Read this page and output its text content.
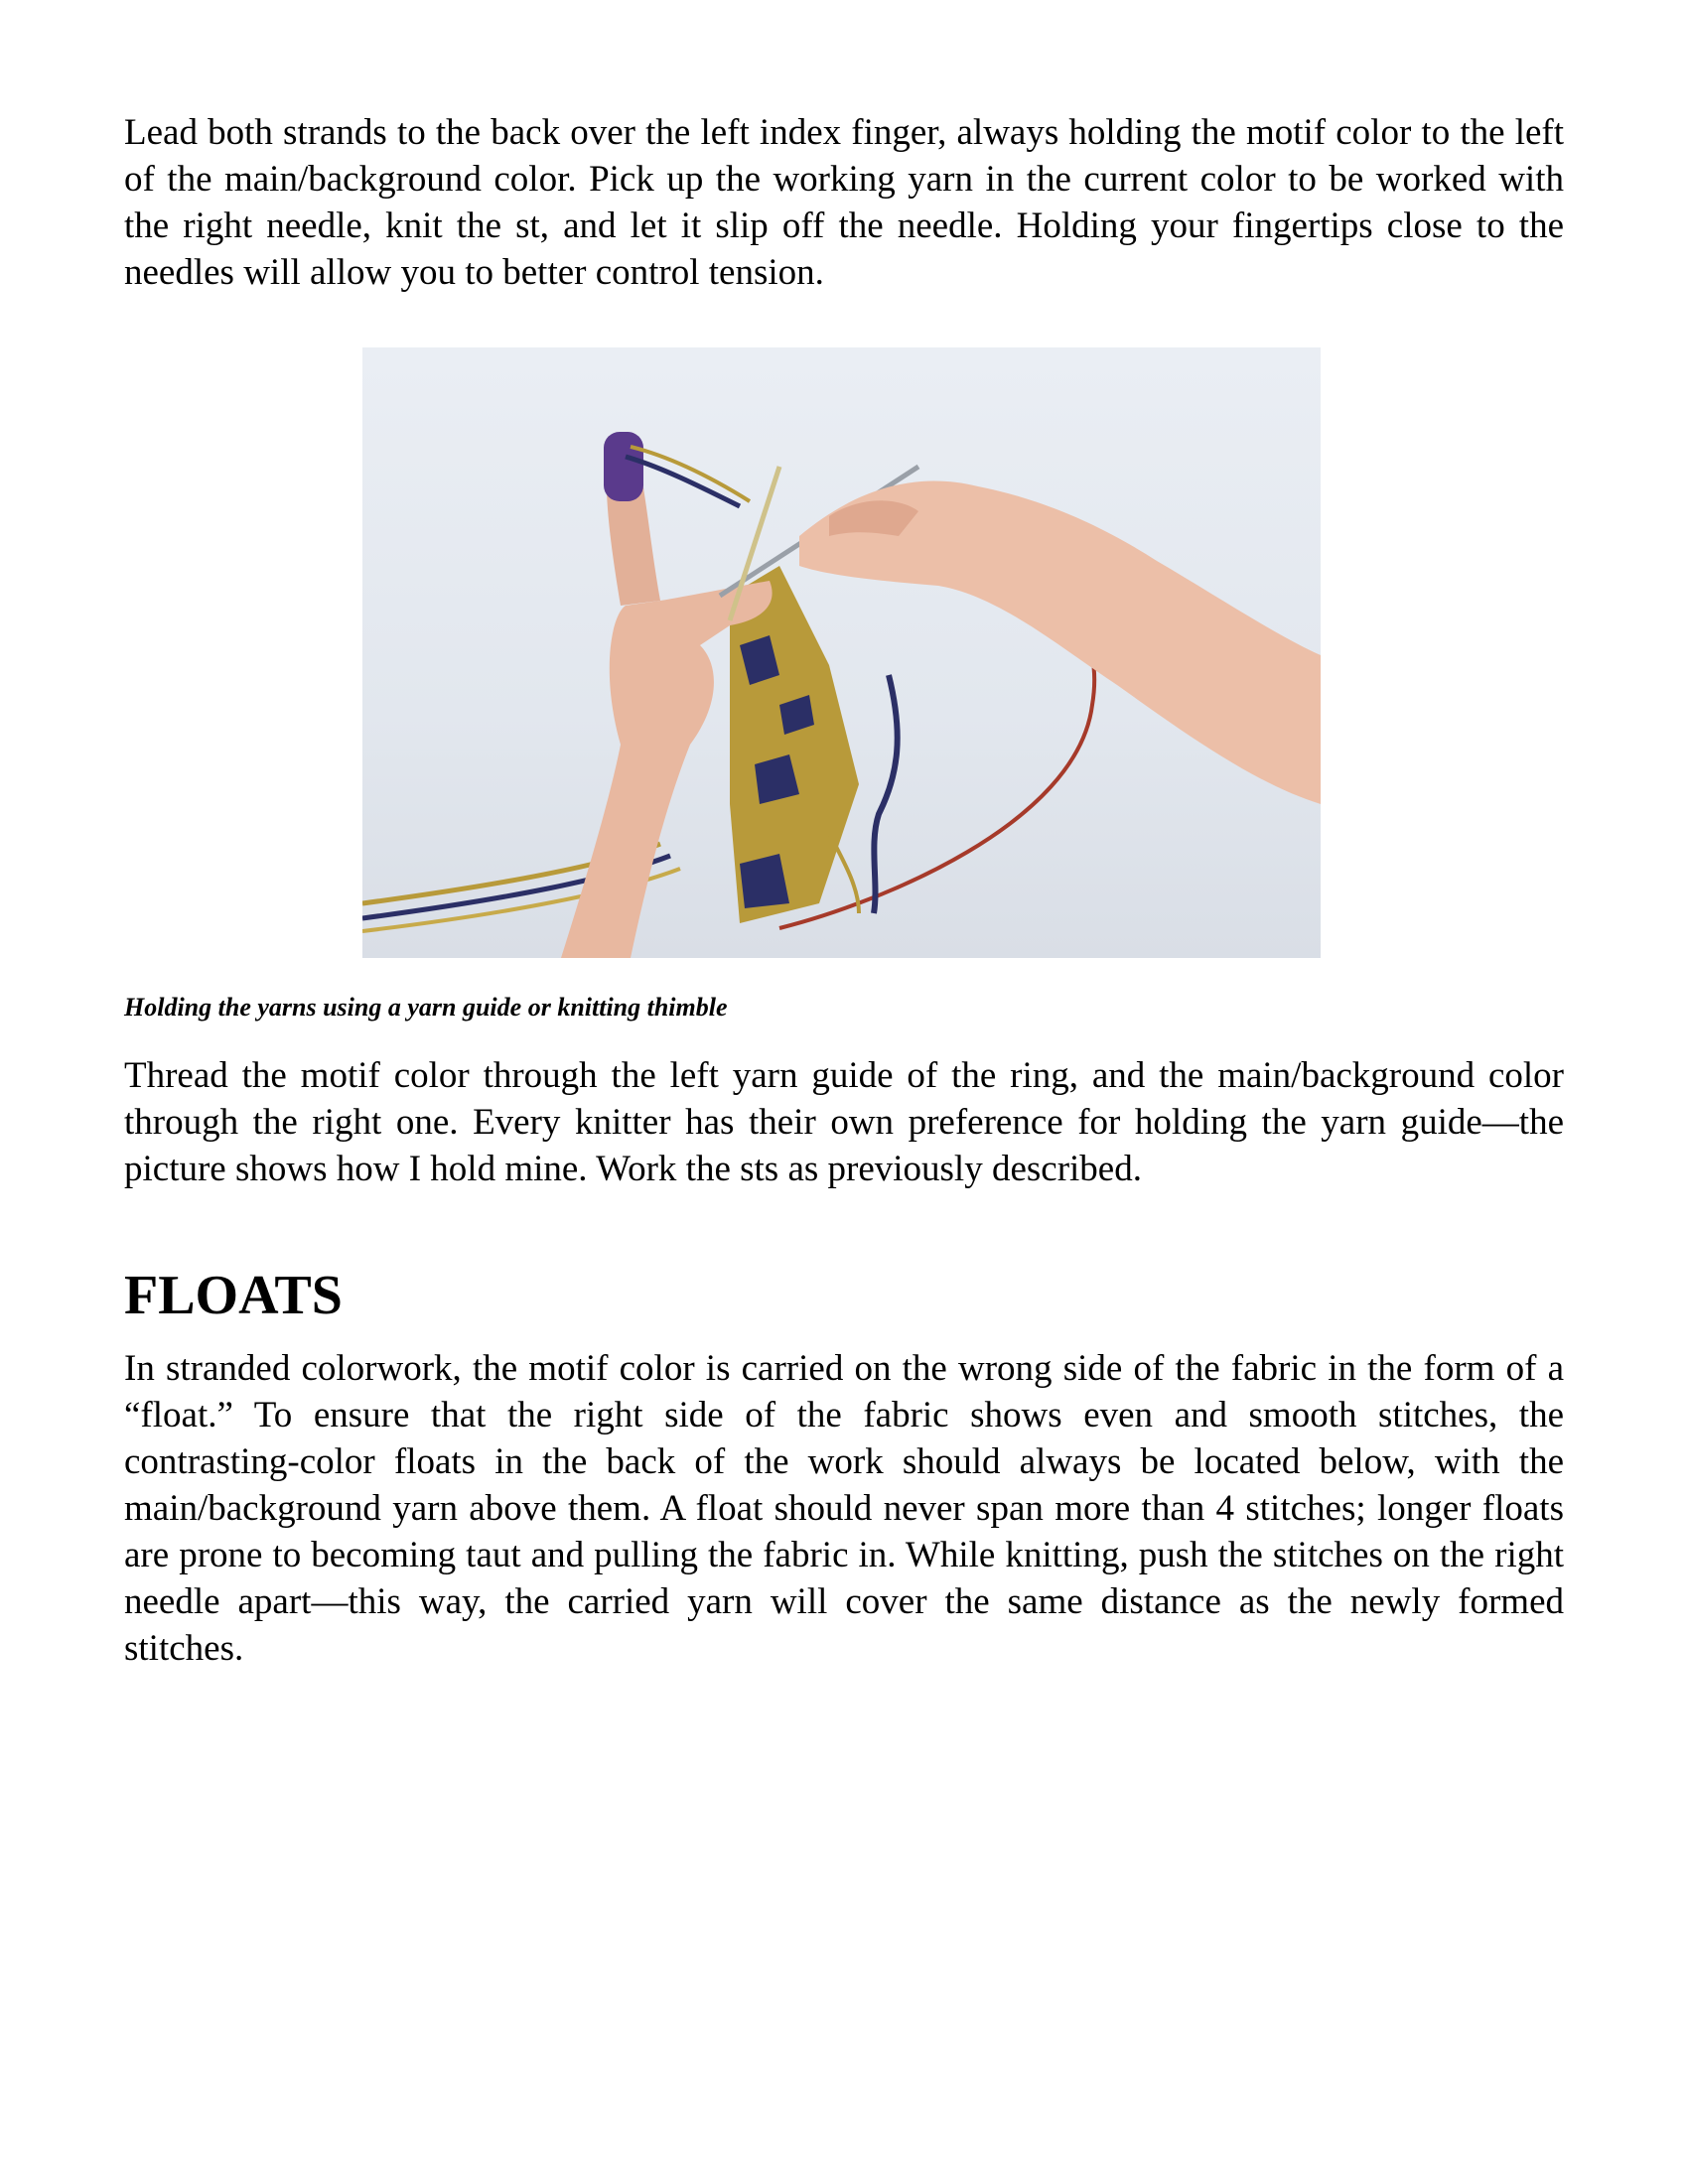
Lead both strands to the back over the left index finger, always holding the motif color to the left of the main/background color. Pick up the working yarn in the current color to be worked with the right needle, knit the st, and let it slip off the needle. Holding your fingertips close to the needles will allow you to better control tension.

Holding the yarns using a yarn guide or knitting thimble

Thread the motif color through the left yarn guide of the ring, and the main/background color through the right one. Every knitter has their own preference for holding the yarn guide—the picture shows how I hold mine. Work the sts as previously described.

FLOATS

In stranded colorwork, the motif color is carried on the wrong side of the fabric in the form of a “float.” To ensure that the right side of the fabric shows even and smooth stitches, the contrasting-color floats in the back of the work should always be located below, with the main/background yarn above them. A float should never span more than 4 stitches; longer floats are prone to becoming taut and pulling the fabric in. While knitting, push the stitches on the right needle apart—this way, the carried yarn will cover the same distance as the newly formed stitches.
